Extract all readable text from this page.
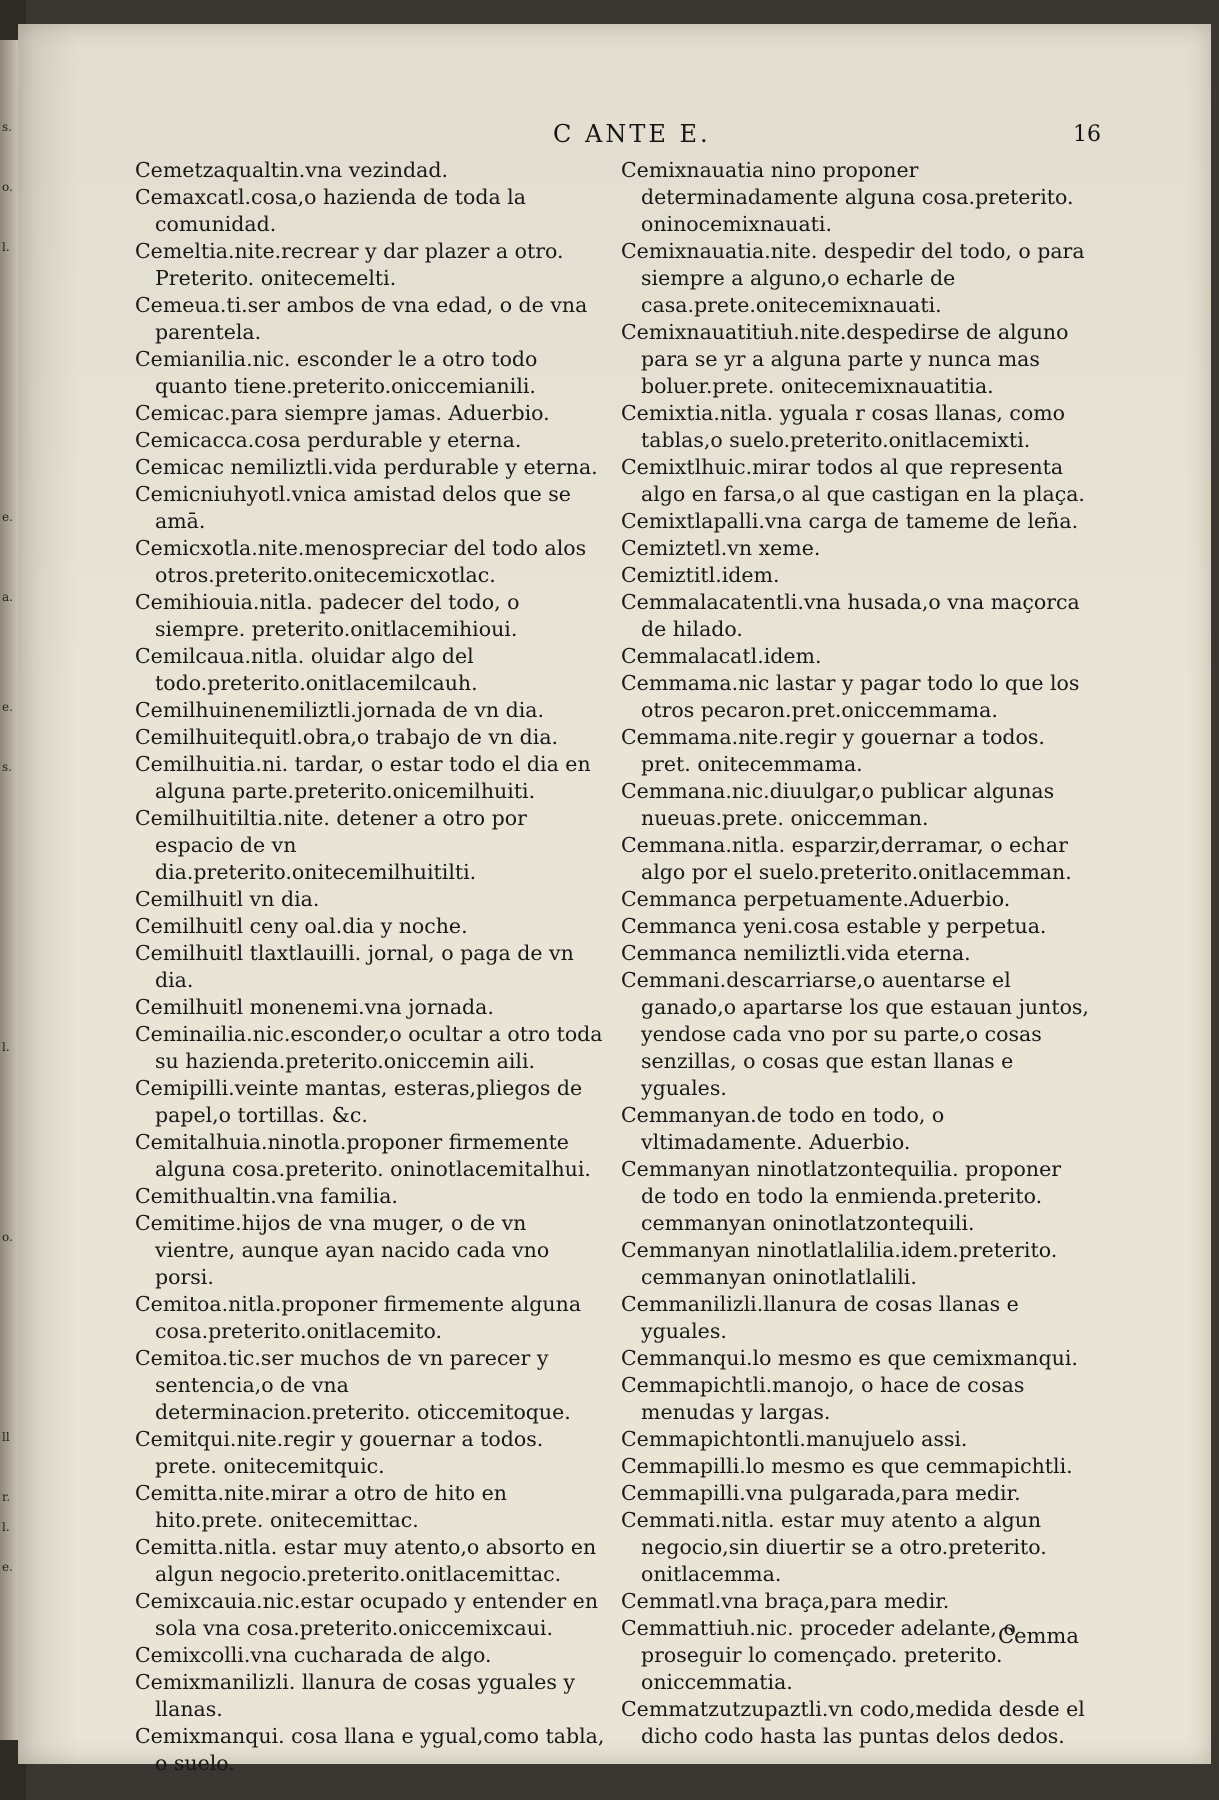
s.
o.
l.
e.
a.
e.
s.
l.
o.
ll
r.
l.
e.
C ANTE E.	16

Cemetzaqualtin.vna vezindad.

Cemaxcatl.cosa,o hazienda de toda la comunidad.

Cemeltia.nite.recrear y dar plazer a otro. Preterito. onitecemelti.

Cemeua.ti.ser ambos de vna edad, o de vna parentela.

Cemianilia.nic. esconder le a otro todo quanto tiene.preterito.oniccemianili.

Cemicac.para siempre jamas. Aduerbio.

Cemicacca.cosa perdurable y eterna.

Cemicac nemiliztli.vida perdurable y eterna.

Cemicniuhyotl.vnica amistad delos que se amā.

Cemicxotla.nite.menospreciar del todo alos otros.preterito.onitecemicxotlac.

Cemihiouia.nitla. padecer del todo, o siempre. preterito.onitlacemihioui.

Cemilcaua.nitla. oluidar algo del todo.preterito.onitlacemilcauh.

Cemilhuinenemiliztli.jornada de vn dia.

Cemilhuitequitl.obra,o trabajo de vn dia.

Cemilhuitia.ni. tardar, o estar todo el dia en alguna parte.preterito.onicemilhuiti.

Cemilhuitiltia.nite. detener a otro por espacio de vn dia.preterito.onitecemilhuitilti.

Cemilhuitl vn dia.

Cemilhuitl ceny oal.dia y noche.

Cemilhuitl tlaxtlauilli. jornal, o paga de vn dia.

Cemilhuitl monenemi.vna jornada.

Ceminailia.nic.esconder,o ocultar a otro toda su hazienda.preterito.oniccemin aili.

Cemipilli.veinte mantas, esteras,pliegos de papel,o tortillas. &c.

Cemitalhuia.ninotla.proponer firmemente alguna cosa.preterito. oninotlacemitalhui.

Cemithualtin.vna familia.

Cemitime.hijos de vna muger, o de vn vientre, aunque ayan nacido cada vno porsi.

Cemitoa.nitla.proponer firmemente alguna cosa.preterito.onitlacemito.

Cemitoa.tic.ser muchos de vn parecer y sentencia,o de vna determinacion.preterito. oticcemitoque.

Cemitqui.nite.regir y gouernar a todos. prete. onitecemitquic.

Cemitta.nite.mirar a otro de hito en hito.prete. onitecemittac.

Cemitta.nitla. estar muy atento,o absorto en algun negocio.preterito.onitlacemittac.

Cemixcauia.nic.estar ocupado y entender en sola vna cosa.preterito.oniccemixcaui.

Cemixcolli.vna cucharada de algo.

Cemixmanilizli. llanura de cosas yguales y llanas.

Cemixmanqui. cosa llana e ygual,como tabla, o suelo.

Cemixnauatia nino proponer determinadamente alguna cosa.preterito. oninocemixnauati.

Cemixnauatia.nite. despedir del todo, o para siempre a alguno,o echarle de casa.prete.onitecemixnauati.

Cemixnauatitiuh.nite.despedirse de alguno para se yr a alguna parte y nunca mas boluer.prete. onitecemixnauatitia.

Cemixtia.nitla. yguala r cosas llanas, como tablas,o suelo.preterito.onitlacemixti.

Cemixtlhuic.mirar todos al que representa algo en farsa,o al que castigan en la plaça.

Cemixtlapalli.vna carga de tameme de leña.

Cemiztetl.vn xeme.

Cemiztitl.idem.

Cemmalacatentli.vna husada,o vna maçorca de hilado.

Cemmalacatl.idem.

Cemmama.nic lastar y pagar todo lo que los otros pecaron.pret.oniccemmama.

Cemmama.nite.regir y gouernar a todos. pret. onitecemmama.

Cemmana.nic.diuulgar,o publicar algunas nueuas.prete. oniccemman.

Cemmana.nitla. esparzir,derramar, o echar algo por el suelo.preterito.onitlacemman.

Cemmanca perpetuamente.Aduerbio.

Cemmanca yeni.cosa estable y perpetua.

Cemmanca nemiliztli.vida eterna.

Cemmani.descarriarse,o auentarse el ganado,o apartarse los que estauan juntos, yendose cada vno por su parte,o cosas senzillas, o cosas que estan llanas e yguales.

Cemmanyan.de todo en todo, o vltimadamente. Aduerbio.

Cemmanyan ninotlatzontequilia. proponer de todo en todo la enmienda.preterito. cemmanyan oninotlatzontequili.

Cemmanyan ninotlatlalilia.idem.preterito. cemmanyan oninotlatlalili.

Cemmanilizli.llanura de cosas llanas e yguales.

Cemmanqui.lo mesmo es que cemixmanqui.

Cemmapichtli.manojo, o hace de cosas menudas y largas.

Cemmapichtontli.manujuelo assi.

Cemmapilli.lo mesmo es que cemmapichtli.

Cemmapilli.vna pulgarada,para medir.

Cemmati.nitla. estar muy atento a algun negocio,sin diuertir se a otro.preterito. onitlacemma.

Cemmatl.vna braça,para medir.

Cemmattiuh.nic. proceder adelante, o proseguir lo començado. preterito. oniccemmatia.

Cemmatzutzupaztli.vn codo,medida desde el dicho codo hasta las puntas delos dedos.

Cemma
